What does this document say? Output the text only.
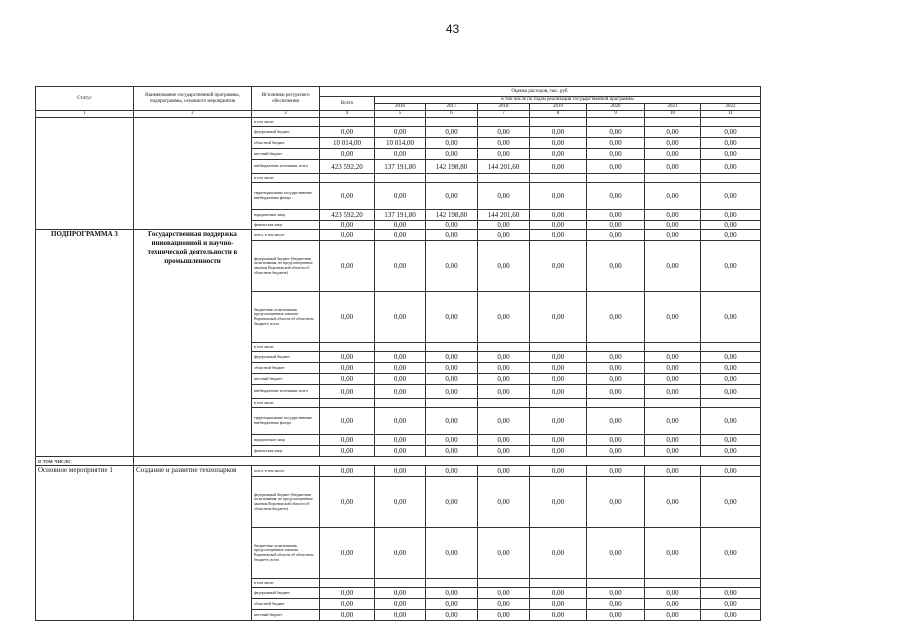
43
Статус	Наименование государственной программы, подпрограммы, основного мероприятия	Источники ресурсного обеспечения	Оценка расходов, тыс. руб.							
			Всего	в том числе по годам реализации государственной программы						
				2016	2017	2018	2019	2020	2021	2022
1	2	3	4	5	6	7	8	9	10	11
		в том числе:								
		федеральный бюджет	0,00	0,00	0,00	0,00	0,00	0,00	0,00	0,00
		областной бюджет	10 014,00	10 014,00	0,00	0,00	0,00	0,00	0,00	0,00
		местный бюджет	0,00	0,00	0,00	0,00	0,00	0,00	0,00	0,00
		внебюджетные источники, всего	423 592,20	137 191,80	142 198,80	144 201,60	0,00	0,00	0,00	0,00
		в том числе:								
		территориальные государственные внебюджетные фонды	0,00	0,00	0,00	0,00	0,00	0,00	0,00	0,00
		юридические лица	423 592,20	137 191,80	142 198,80	144 201,60	0,00	0,00	0,00	0,00
		физические лица	0,00	0,00	0,00	0,00	0,00	0,00	0,00	0,00
ПОДПРОГРАММА 3	Государственная поддержка инновационной и научно-технической деятельности в промышленности	всего, в том числе:	0,00	0,00	0,00	0,00	0,00	0,00	0,00	0,00
		федеральный бюджет (бюджетные ассигнования, не предусмотренные законом Воронежской области об областном бюджете)	0,00	0,00	0,00	0,00	0,00	0,00	0,00	0,00
		бюджетные ассигнования, предусмотренные законом Воронежской области об областном бюджете, всего	0,00	0,00	0,00	0,00	0,00	0,00	0,00	0,00
		в том числе:								
		федеральный бюджет	0,00	0,00	0,00	0,00	0,00	0,00	0,00	0,00
		областной бюджет	0,00	0,00	0,00	0,00	0,00	0,00	0,00	0,00
		местный бюджет	0,00	0,00	0,00	0,00	0,00	0,00	0,00	0,00
		внебюджетные источники, всего	0,00	0,00	0,00	0,00	0,00	0,00	0,00	0,00
		в том числе:								
		территориальные государственные внебюджетные фонды	0,00	0,00	0,00	0,00	0,00	0,00	0,00	0,00
		юридические лица	0,00	0,00	0,00	0,00	0,00	0,00	0,00	0,00
		физические лица	0,00	0,00	0,00	0,00	0,00	0,00	0,00	0,00
в том числе:										
Основное мероприятие 1	Создание и развитие технопарков	всего, в том числе:	0,00	0,00	0,00	0,00	0,00	0,00	0,00	0,00
		федеральный бюджет (бюджетные ассигнования, не предусмотренные законом Воронежской области об областном бюджете)	0,00	0,00	0,00	0,00	0,00	0,00	0,00	0,00
		бюджетные ассигнования, предусмотренные законом Воронежской области об областном бюджете, всего	0,00	0,00	0,00	0,00	0,00	0,00	0,00	0,00
		в том числе:								
		федеральный бюджет	0,00	0,00	0,00	0,00	0,00	0,00	0,00	0,00
		областной бюджет	0,00	0,00	0,00	0,00	0,00	0,00	0,00	0,00
		местный бюджет	0,00	0,00	0,00	0,00	0,00	0,00	0,00	0,00
